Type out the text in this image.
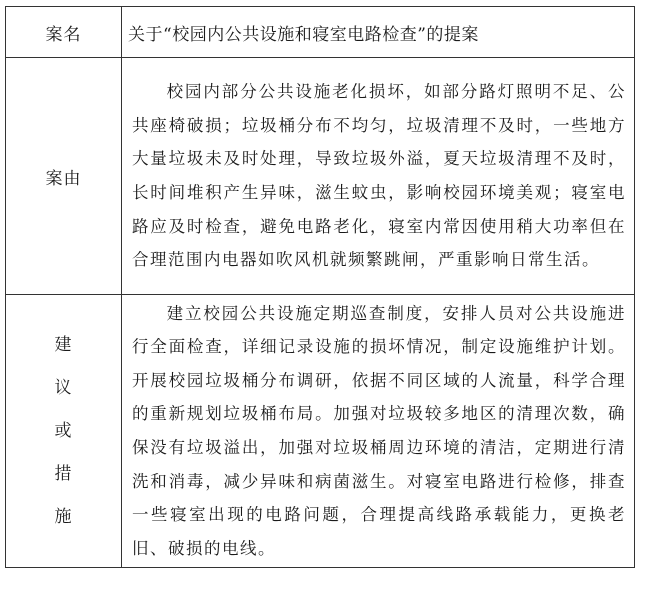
案名	关于“校园内公共设施和寝室电路检查”的提案

案由	校园内部分公共设施老化损坏，如部分路灯照明不足、公共座椅破损；垃圾桶分布不均匀，垃圾清理不及时，一些地方大量垃圾未及时处理，导致垃圾外溢，夏天垃圾清理不及时，长时间堆积产生异味，滋生蚊虫，影响校园环境美观；寝室电路应及时检查，避免电路老化，寝室内常因使用稍大功率但在合理范围内电器如吹风机就频繁跳闸，严重影响日常生活。

建
议
或
措
施	建立校园公共设施定期巡查制度，安排人员对公共设施进行全面检查，详细记录设施的损坏情况，制定设施维护计划。开展校园垃圾桶分布调研，依据不同区域的人流量，科学合理的重新规划垃圾桶布局。加强对垃圾较多地区的清理次数，确保没有垃圾溢出，加强对垃圾桶周边环境的清洁，定期进行清洗和消毒，减少异味和病菌滋生。对寝室电路进行检修，排查一些寝室出现的电路问题，合理提高线路承载能力，更换老旧、破损的电线。
